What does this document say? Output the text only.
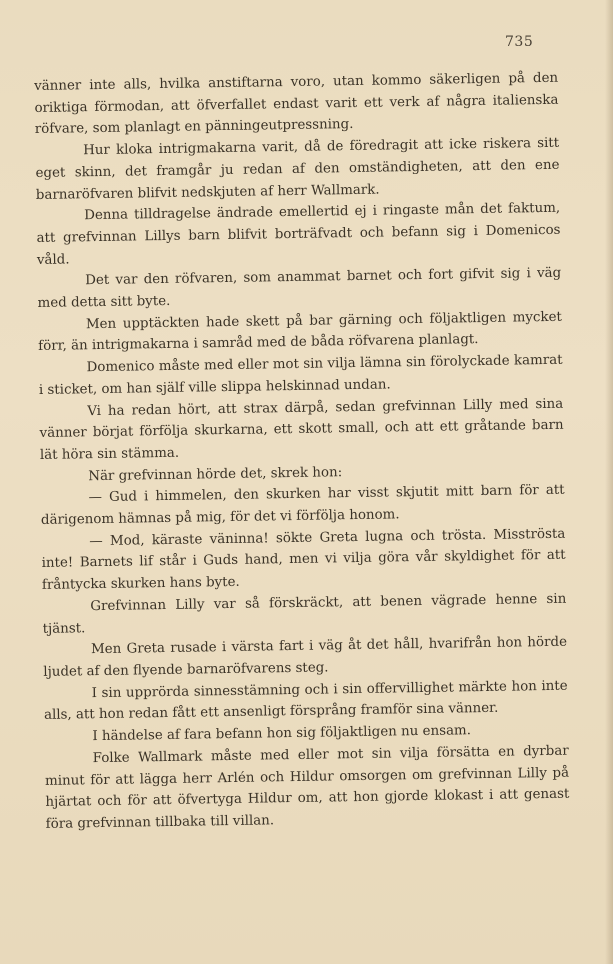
735

vänner inte alls, hvilka anstiftarna voro, utan kommo säkerligen på den oriktiga förmodan, att öfverfallet endast varit ett verk af några italienska röfvare, som planlagt en pänningeutpressning.

Hur kloka intrigmakarna varit, då de föredragit att icke riskera sitt eget skinn, det framgår ju redan af den omständigheten, att den ene barnaröfvaren blifvit nedskjuten af herr Wallmark.

Denna tilldragelse ändrade emellertid ej i ringaste mån det faktum, att grefvinnan Lillys barn blifvit borträfvadt och befann sig i Domenicos våld.

Det var den röfvaren, som anammat barnet och fort gifvit sig i väg med detta sitt byte.

Men upptäckten hade skett på bar gärning och följaktligen mycket förr, än intrigmakarna i samråd med de båda röfvarena planlagt.

Domenico måste med eller mot sin vilja lämna sin förolyckade kamrat i sticket, om han själf ville slippa helskinnad undan.

Vi ha redan hört, att strax därpå, sedan grefvinnan Lilly med sina vänner börjat förfölja skurkarna, ett skott small, och att ett gråtande barn lät höra sin stämma.

När grefvinnan hörde det, skrek hon:

— Gud i himmelen, den skurken har visst skjutit mitt barn för att därigenom hämnas på mig, för det vi förfölja honom.

— Mod, käraste väninna! sökte Greta lugna och trösta. Misströsta inte! Barnets lif står i Guds hand, men vi vilja göra vår skyldighet för att fråntycka skurken hans byte.

Grefvinnan Lilly var så förskräckt, att benen vägrade henne sin tjänst.

Men Greta rusade i värsta fart i väg åt det håll, hvarifrån hon hörde ljudet af den flyende barnaröfvarens steg.

I sin upprörda sinnesstämning och i sin offervillighet märkte hon inte alls, att hon redan fått ett ansenligt försprång framför sina vänner.

I händelse af fara befann hon sig följaktligen nu ensam.

Folke Wallmark måste med eller mot sin vilja försätta en dyrbar minut för att lägga herr Arlén och Hildur omsorgen om grefvinnan Lilly på hjärtat och för att öfvertyga Hildur om, att hon gjorde klokast i att genast föra grefvinnan tillbaka till villan.
